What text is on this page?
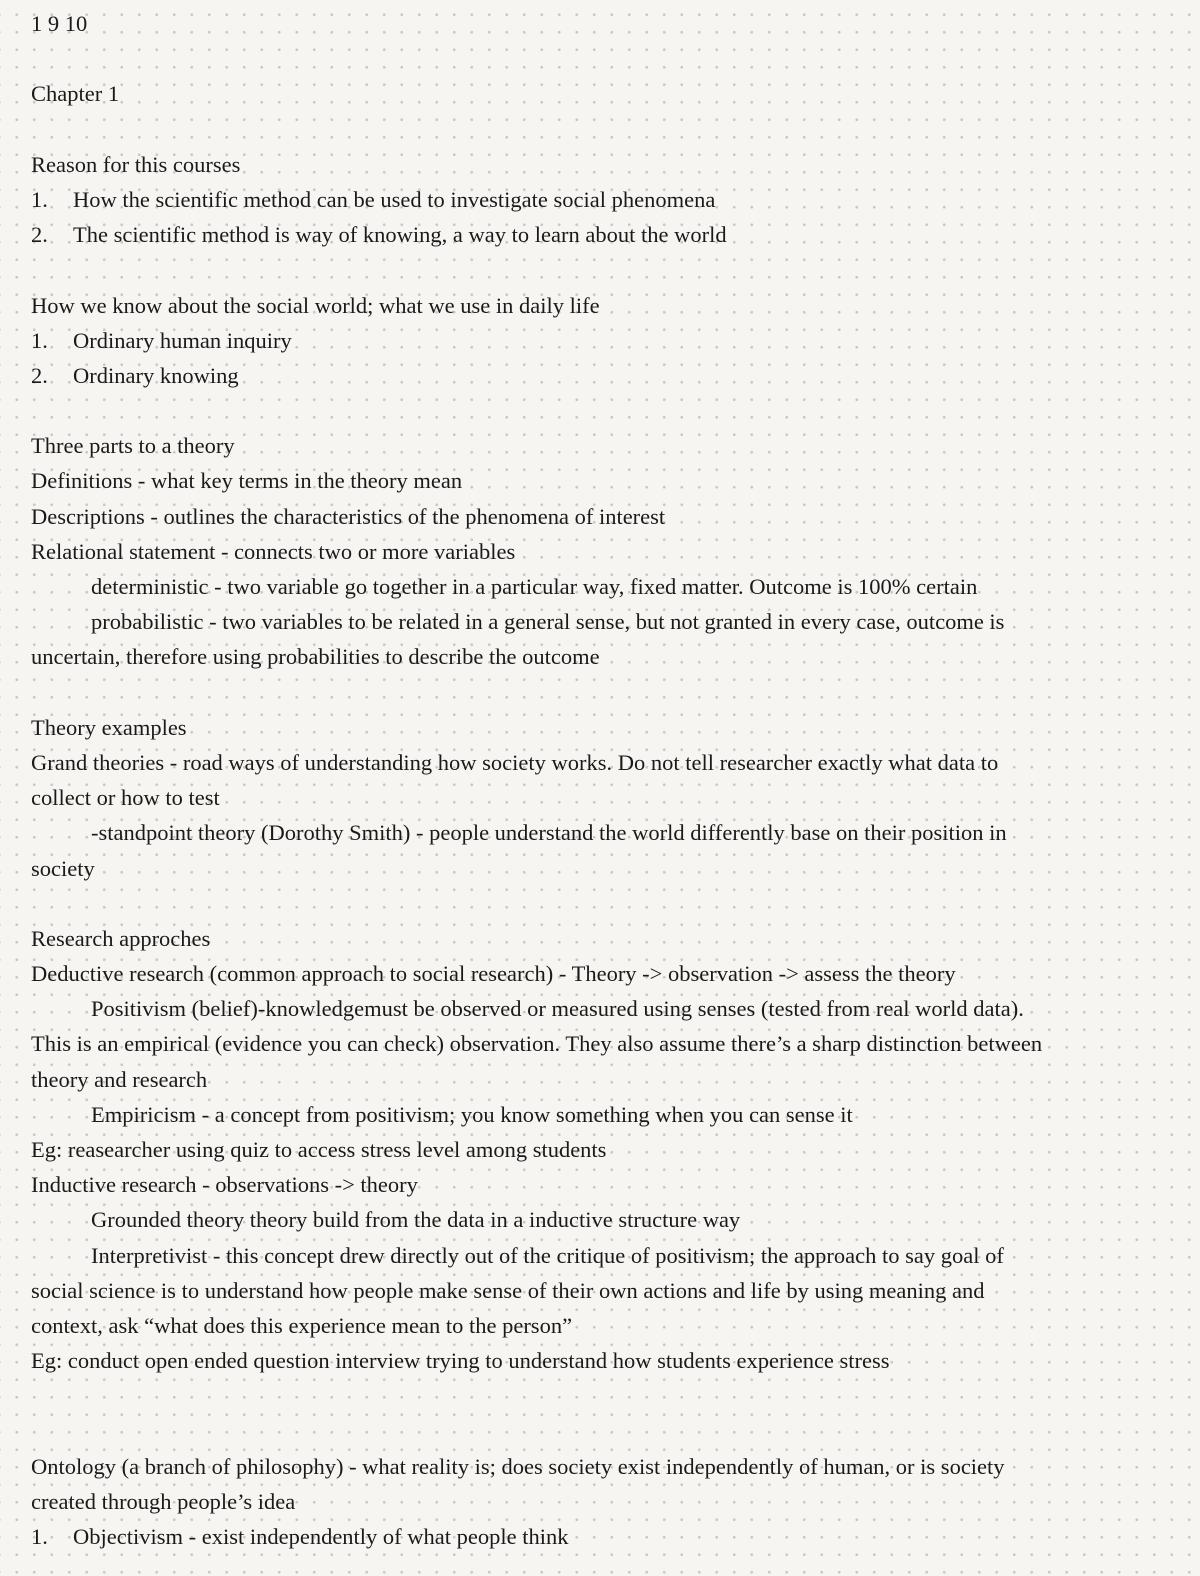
1 9 10
Chapter 1
Reason for this courses
1. How the scientific method can be used to investigate social phenomena
2. The scientific method is way of knowing, a way to learn about the world
How we know about the social world; what we use in daily life
1. Ordinary human inquiry
2. Ordinary knowing
Three parts to a theory
Definitions - what key terms in the theory mean
Descriptions - outlines the characteristics of the phenomena of interest
Relational statement - connects two or more variables
deterministic - two variable go together in a particular way, fixed matter. Outcome is 100% certain
probabilistic - two variables to be related in a general sense, but not granted in every case, outcome is
uncertain, therefore using probabilities to describe the outcome
Theory examples
Grand theories - road ways of understanding how society works. Do not tell researcher exactly what data to
collect or how to test
-standpoint theory (Dorothy Smith) - people understand the world differently base on their position in
society
Research approches
Deductive research (common approach to social research) - Theory -> observation -> assess the theory
Positivism (belief)-knowledgemust be observed or measured using senses (tested from real world data).
This is an empirical (evidence you can check) observation. They also assume there’s a sharp distinction between
theory and research
Empiricism - a concept from positivism; you know something when you can sense it
Eg: reasearcher using quiz to access stress level among students
Inductive research - observations -> theory
Grounded theory theory build from the data in a inductive structure way
Interpretivist - this concept drew directly out of the critique of positivism; the approach to say goal of
social science is to understand how people make sense of their own actions and life by using meaning and
context, ask “what does this experience mean to the person”
Eg: conduct open ended question interview trying to understand how students experience stress
Ontology (a branch of philosophy) - what reality is; does society exist independently of human, or is society
created through people’s idea
1. Objectivism - exist independently of what people think
